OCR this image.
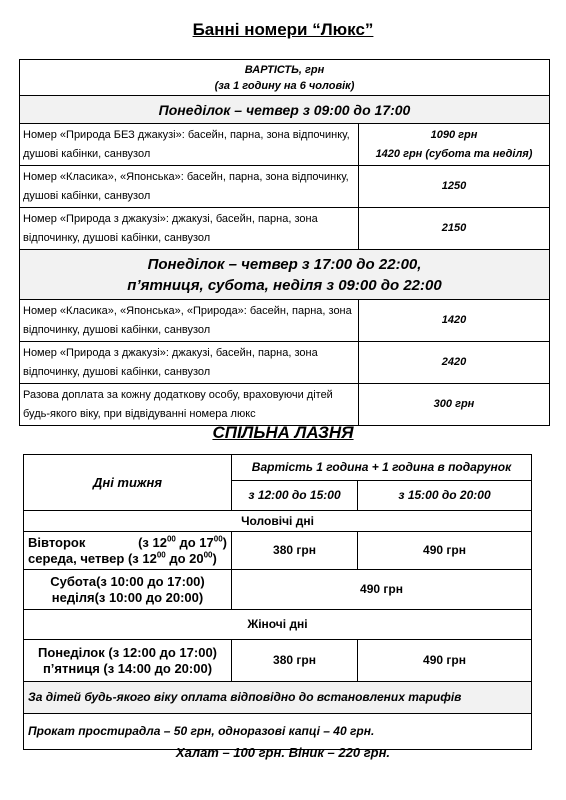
Банні номери “Люкс”
ВАРТІСТЬ, грн
(за 1 годину на 6 чоловік)	

Понеділок – четвер з 09:00 до 17:00	
Номер «Природа БЕЗ джакузі»: басейн, парна, зона відпочинку, душові кабінки, санвузол	1090 грн
1420 грн (субота та неділя)

Номер «Класика», «Японська»: басейн, парна, зона відпочинку, душові кабінки, санвузол	1250
Номер «Природа з джакузі»: джакузі, басейн, парна, зона відпочинку, душові кабінки, санвузол	2150

Понеділок – четвер з 17:00 до 22:00,
п’ятниця, субота, неділя з 09:00 до 22:00	

Номер «Класика», «Японська», «Природа»: басейн, парна, зона відпочинку, душові кабінки, санвузол	1420
Номер «Природа з джакузі»: джакузі, басейн, парна, зона відпочинку, душові кабінки, санвузол	2420
Разова доплата за кожну додаткову особу, враховуючи дітей будь-якого віку, при відвідуванні номера люкс	300 грн
СПІЛЬНА ЛАЗНЯ
Дні тижня	Вартість 1 година + 1 година в подарунок	
	з 12:00 до 15:00	з 15:00 до 20:00
Чоловічі дні		

Вівторок (з $12^{00}$ до $17^{00}$)
середа, четвер (з $12^{00}$ до $20^{00}$)	380 грн	490 грн

Субота(з 10:00 до 17:00)
неділя(з 10:00 до 20:00)	490 грн	
Жіночі дні		

Понеділок (з 12:00 до 17:00)
п’ятниця (з 14:00 до 20:00)	380 грн	490 грн
За дітей будь-якого віку оплата відповідно до встановлених тарифів		
Прокат простирадла – 50 грн, одноразові капці – 40 грн.		
Халат – 100 грн. Віник – 220 грн.
